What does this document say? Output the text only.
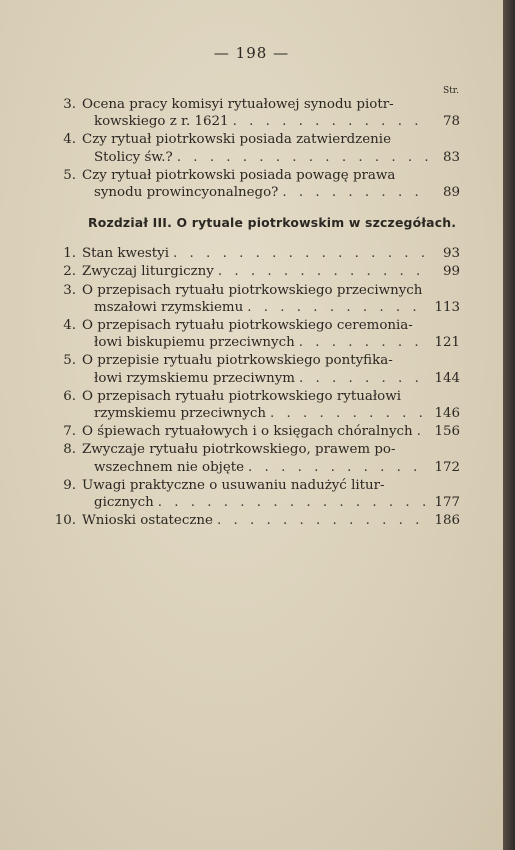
— 198 —
Str.
3. Ocena pracy komisyi rytuałowej synodu piotr-
kowskiego z r. 1621 . . .	78
4. Czy rytuał piotrkowski posiada zatwierdzenie
Stolicy św.? . . .	83
5. Czy rytuał piotrkowski posiada powagę prawa
synodu prowincyonalnego? . . .	89
Rozdział III. O rytuale piotrkowskim w szczegółach.
1. Stan kwestyi . . .	93
2. Zwyczaj liturgiczny . . .	99
3. O przepisach rytuału piotrkowskiego przeciwnych
mszałowi rzymskiemu . . .	113
4. O przepisach rytuału piotrkowskiego ceremonia-
łowi biskupiemu przeciwnych . . .	121
5. O przepisie rytuału piotrkowskiego pontyfika-
łowi rzymskiemu przeciwnym . . .	144
6. O przepisach rytuału piotrkowskiego rytuałowi
rzymskiemu przeciwnych . . .	146
7. O śpiewach rytuałowych i o księgach chóralnych . . . 156
8. Zwyczaje rytuału piotrkowskiego, prawem po-
wszechnem nie objęte . . .	172
9. Uwagi praktyczne o usuwaniu nadużyć litur-
gicznych . . .	177
10. Wnioski ostateczne . . .	186
